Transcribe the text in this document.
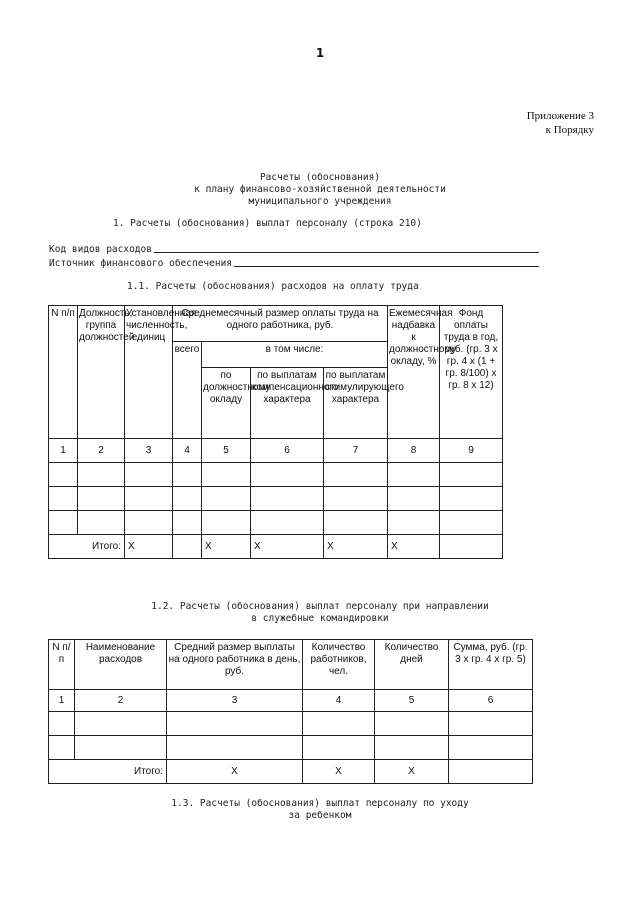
1
Приложение 3
к Порядку
Расчеты (обоснования)
к плану финансово-хозяйственной деятельности
муниципального учреждения
1. Расчеты (обоснования) выплат персоналу (строка 210)
Код видов расходов
Источник финансового обеспечения
1.1. Расчеты (обоснования) расходов на оплату труда
N п/п	Должность, группа должностей	Установленная численность, единиц	Среднемесячный размер оплаты труда на одного работника, руб.				Ежемесячная надбавка к должностному окладу, %	Фонд оплаты труда в год, руб. (гр. 3 x гр. 4 x (1 + гр. 8/100) x гр. 8 x 12)
			всего	в том числе:				
				по должностному окладу	по выплатам компенсационного характера	по выплатам стимулирующего характера		
1	2	3	4	5	6	7	8	9

Итого:		X		X	X	X	X	
1.2. Расчеты (обоснования) выплат персоналу при направлении
в служебные командировки
N п/п	Наименование расходов	Средний размер выплаты на одного работника в день, руб.	Количество работников, чел.	Количество дней	Сумма, руб. (гр. 3 x гр. 4 x гр. 5)
1	2	3	4	5	6

Итого:		X	X	X	
1.3. Расчеты (обоснования) выплат персоналу по уходу
за ребенком
